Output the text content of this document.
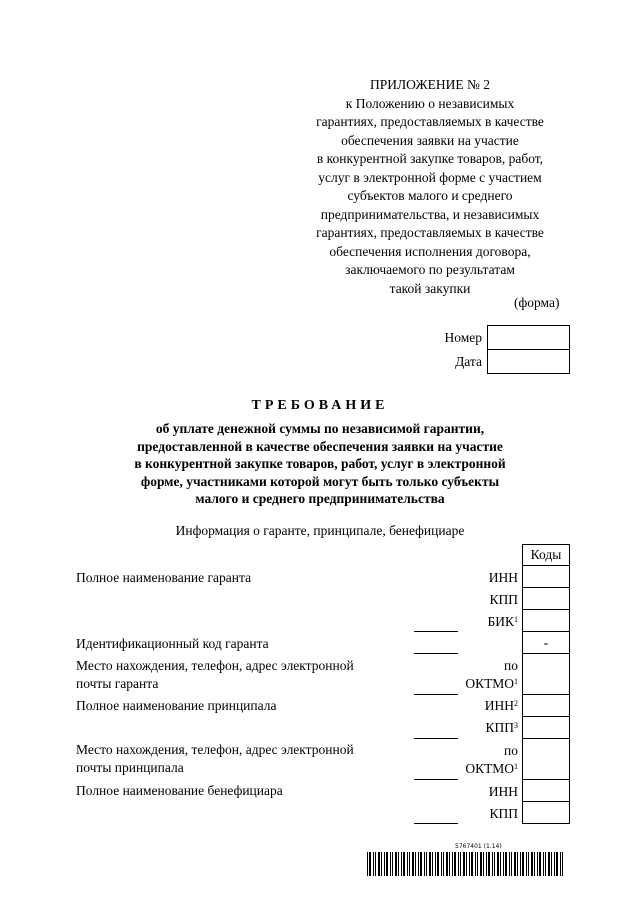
ПРИЛОЖЕНИЕ № 2
к Положению о независимых
гарантиях, предоставляемых в качестве
обеспечения заявки на участие
в конкурентной закупке товаров, работ,
услуг в электронной форме с участием
субъектов малого и среднего
предпринимательства, и независимых
гарантиях, предоставляемых в качестве
обеспечения исполнения договора,
заключаемого по результатам
такой закупки
(форма)
Номер
Дата
ТРЕБОВАНИЕ
об уплате денежной суммы по независимой гарантии,
предоставленной в качестве обеспечения заявки на участие
в конкурентной закупке товаров, работ, услуг в электронной
форме, участниками которой могут быть только субъекты
малого и среднего предпринимательства
Информация о гаранте, принципале, бенефициаре
Коды
-
ИНН
КПП
БИК$^1$
по
ОКТМО$^1$
ИНН$^2$
КПП$^3$
по
ОКТМО$^1$
ИНН
КПП
Полное наименование гаранта
Идентификационный код гаранта
Место нахождения, телефон, адрес электронной
почты гаранта
Полное наименование принципала
Место нахождения, телефон, адрес электронной
почты принципала
Полное наименование бенефициара
5767401 (1.14)
